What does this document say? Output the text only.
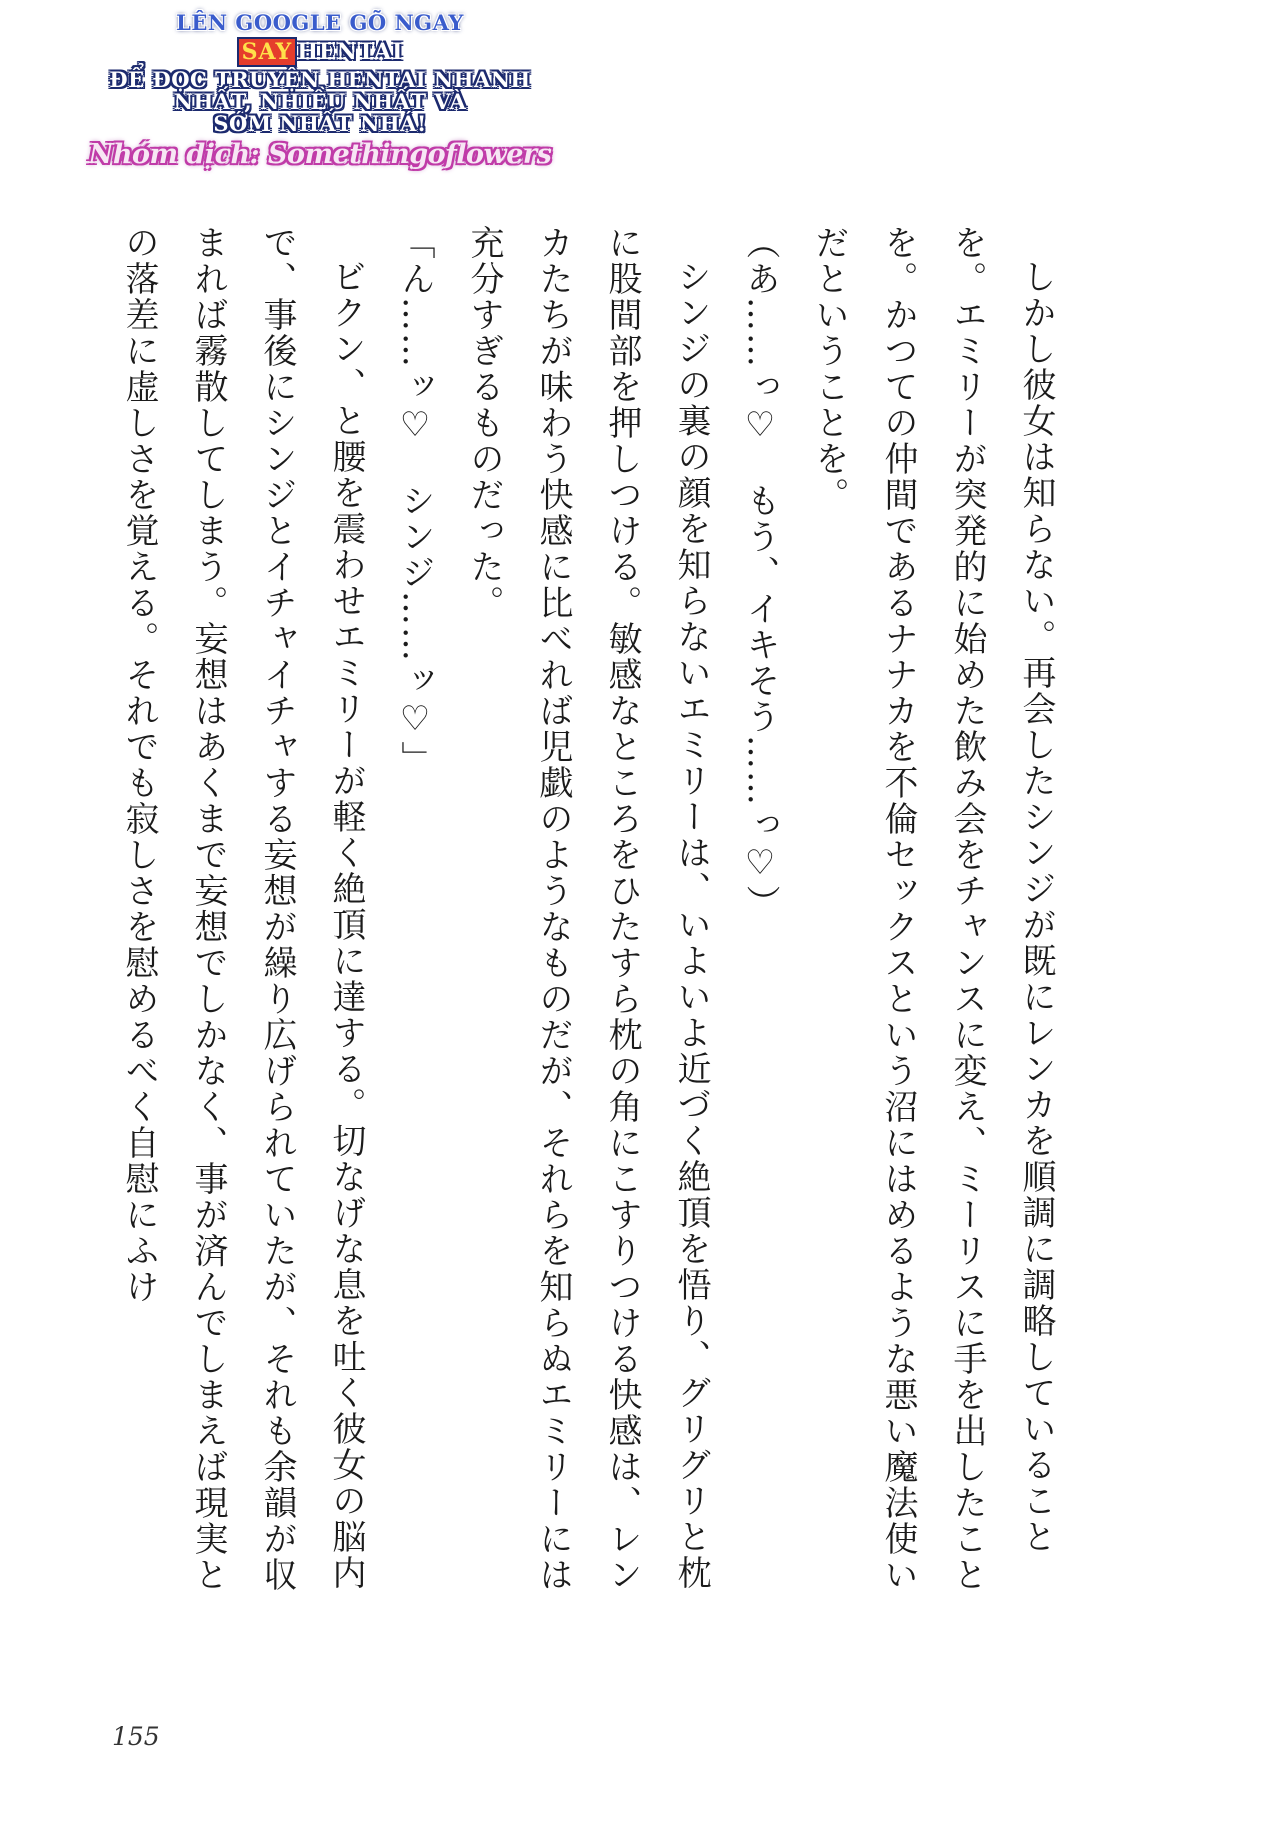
LÊN GOOGLE GÕ NGAY
SAY HENTAI
ĐỂ ĐỌC TRUYỆN HENTAI NHANH
NHẤT, NHIỀU NHẤT VÀ
SỚM NHẤT NHÁ!
Nhóm dịch: Somethingoflowers

しかし彼女は知らない。再会したシンジが既にレンカを順調に調略していることを。エミリーが突発的に始めた飲み会をチャンスに変え、ミーリスに手を出したことを。かつての仲間であるナナカを不倫セックスという沼にはめるような悪い魔法使いだということを。

（あ……っ♡　もう、イキそう……っ♡）

シンジの裏の顔を知らないエミリーは、いよいよ近づく絶頂を悟り、グリグリと枕に股間部を押しつける。敏感なところをひたすら枕の角にこすりつける快感は、レンカたちが味わう快感に比べれば児戯のようなものだが、それらを知らぬエミリーには充分すぎるものだった。

「ん……ッ♡　シンジ……ッ♡」

ビクン、と腰を震わせエミリーが軽く絶頂に達する。切なげな息を吐く彼女の脳内で、事後にシンジとイチャイチャする妄想が繰り広げられていたが、それも余韻が収まれば霧散してしまう。妄想はあくまで妄想でしかなく、事が済んでしまえば現実との落差に虚しさを覚える。それでも寂しさを慰めるべく自慰にふけ

155
